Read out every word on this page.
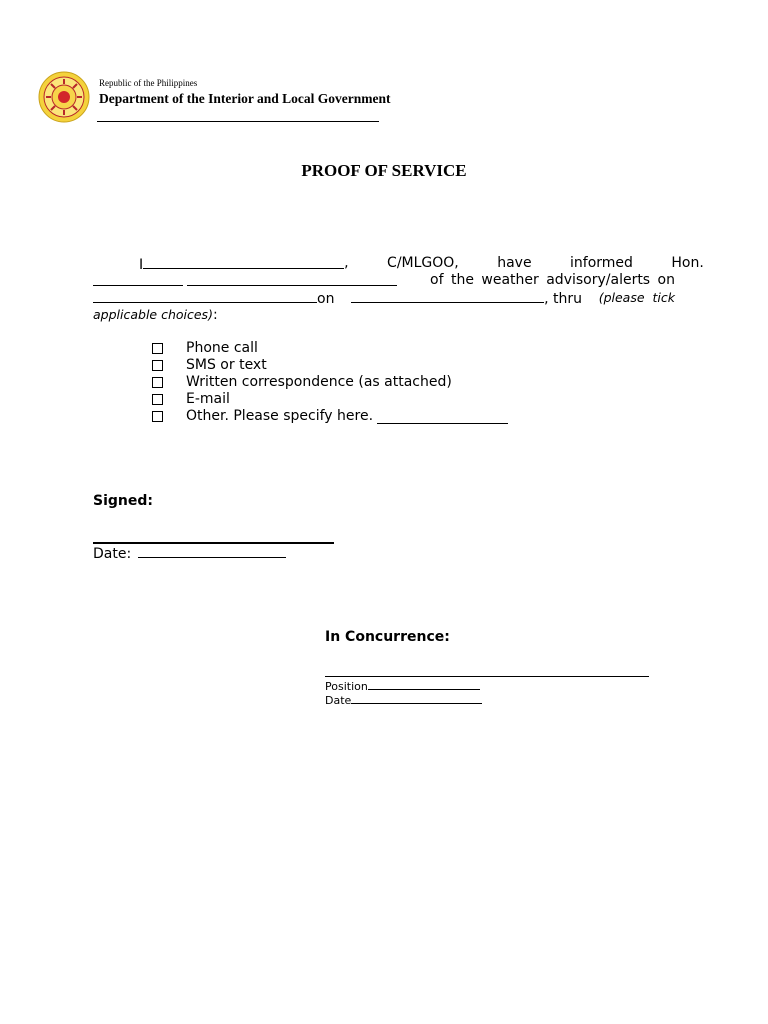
Republic of the Philippines
Department of the Interior and Local Government
PROOF OF SERVICE
I	, C/MLGOO, have informed Hon.
of the weather advisory/alerts on
on	, thru (please tick
applicable choices):
Phone call
SMS or text
Written correspondence (as attached)
E-mail
Other. Please specify here.
Signed:
Date:
In Concurrence:
Position
Date
